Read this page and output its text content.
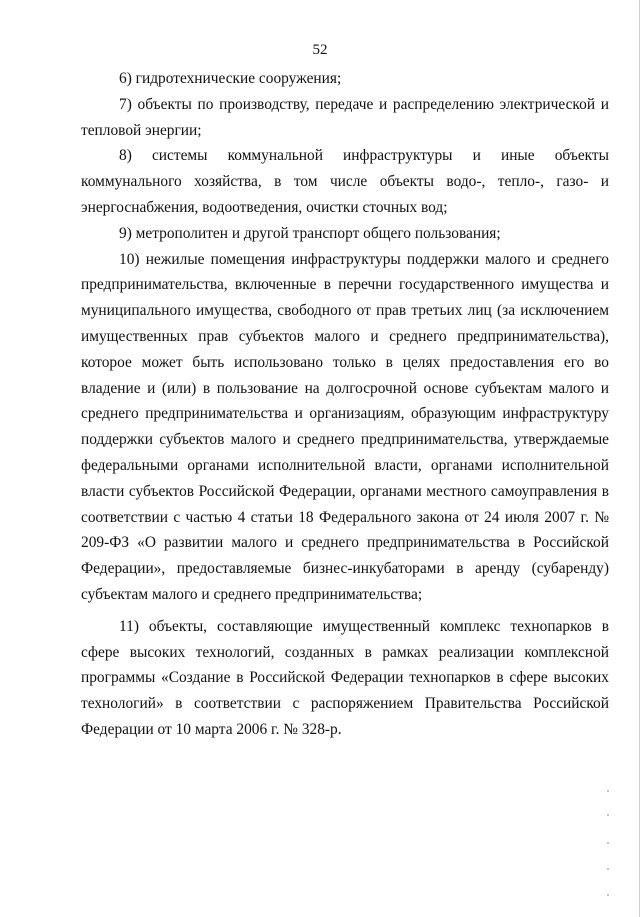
52

6) гидротехнические сооружения;

7) объекты по производству, передаче и распределению электрической и тепловой энергии;

8) системы коммунальной инфраструктуры и иные объекты коммунального хозяйства, в том числе объекты водо-, тепло-, газо- и энергоснабжения, водоотведения, очистки сточных вод;

9) метрополитен и другой транспорт общего пользования;

10) нежилые помещения инфраструктуры поддержки малого и среднего предпринимательства, включенные в перечни государственного имущества и муниципального имущества, свободного от прав третьих лиц (за исключением имущественных прав субъектов малого и среднего предпринимательства), которое может быть использовано только в целях предоставления его во владение и (или) в пользование на долгосрочной основе субъектам малого и среднего предпринимательства и организациям, образующим инфраструктуру поддержки субъектов малого и среднего предпринимательства, утверждаемые федеральными органами исполнительной власти, органами исполнительной власти субъектов Российской Федерации, органами местного самоуправления в соответствии с частью 4 статьи 18 Федерального закона от 24 июля 2007 г. № 209-ФЗ «О развитии малого и среднего предпринимательства в Российской Федерации», предоставляемые бизнес-инкубаторами в аренду (субаренду) субъектам малого и среднего предпринимательства;

11) объекты, составляющие имущественный комплекс технопарков в сфере высоких технологий, созданных в рамках реализации комплексной программы «Создание в Российской Федерации технопарков в сфере высоких технологий» в соответствии с распоряжением Правительства Российской Федерации от 10 марта 2006 г. № 328-р.
